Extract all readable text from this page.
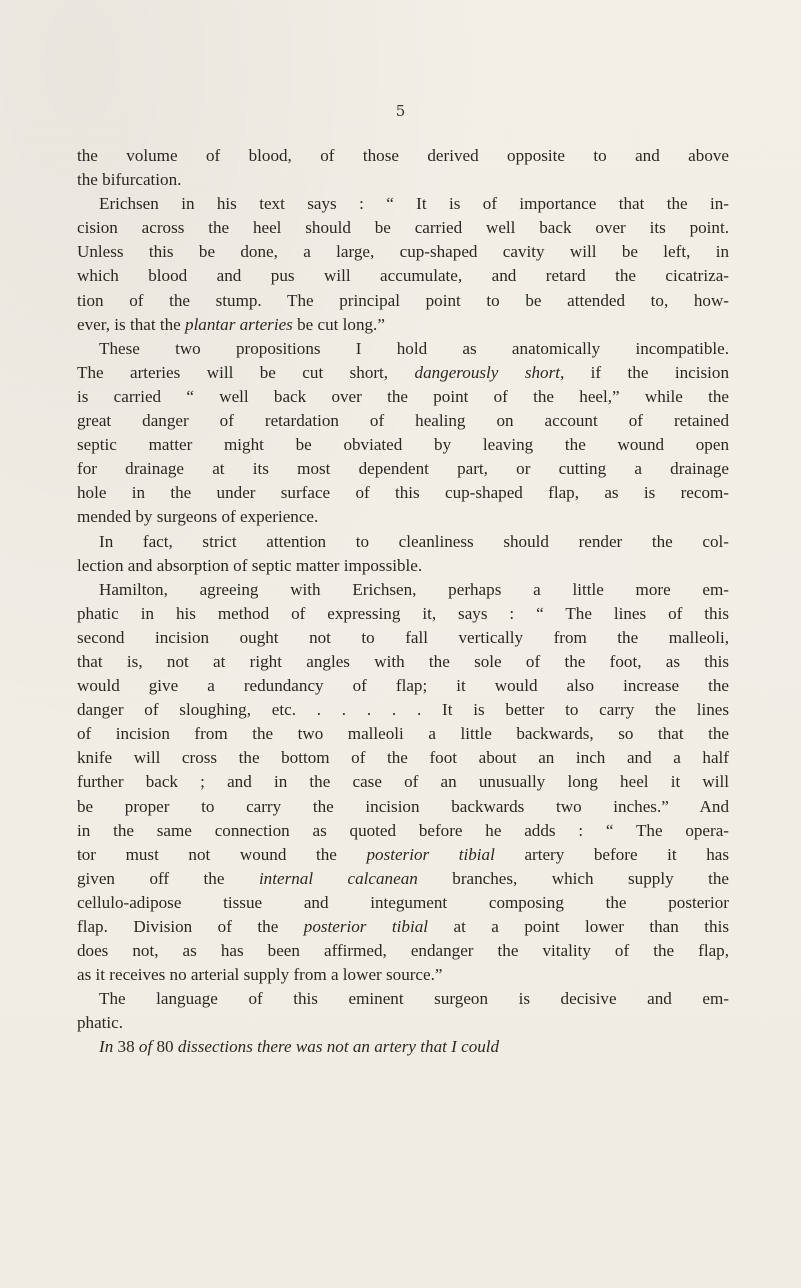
5
the volume of blood, of those derived opposite to and above
the bifurcation.
Erichsen in his text says : “ It is of importance that the in-
cision across the heel should be carried well back over its point.
Unless this be done, a large, cup-shaped cavity will be left, in
which blood and pus will accumulate, and retard the cicatriza-
tion of the stump. The principal point to be attended to, how-
ever, is that the plantar arteries be cut long.”
These two propositions I hold as anatomically incompatible.
The arteries will be cut short, dangerously short, if the incision
is carried “ well back over the point of the heel,” while the
great danger of retardation of healing on account of retained
septic matter might be obviated by leaving the wound open
for drainage at its most dependent part, or cutting a drainage
hole in the under surface of this cup-shaped flap, as is recom-
mended by surgeons of experience.
In fact, strict attention to cleanliness should render the col-
lection and absorption of septic matter impossible.
Hamilton, agreeing with Erichsen, perhaps a little more em-
phatic in his method of expressing it, says : “ The lines of this
second incision ought not to fall vertically from the malleoli,
that is, not at right angles with the sole of the foot, as this
would give a redundancy of flap; it would also increase the
danger of sloughing, etc. . . . . . It is better to carry the lines
of incision from the two malleoli a little backwards, so that the
knife will cross the bottom of the foot about an inch and a half
further back ; and in the case of an unusually long heel it will
be proper to carry the incision backwards two inches.” And
in the same connection as quoted before he adds : “ The opera-
tor must not wound the posterior tibial artery before it has
given off the internal calcanean branches, which supply the
cellulo-adipose tissue and integument composing the posterior
flap. Division of the posterior tibial at a point lower than this
does not, as has been affirmed, endanger the vitality of the flap,
as it receives no arterial supply from a lower source.”
The language of this eminent surgeon is decisive and em-
phatic.
In 38 of 80 dissections there was not an artery that I could
